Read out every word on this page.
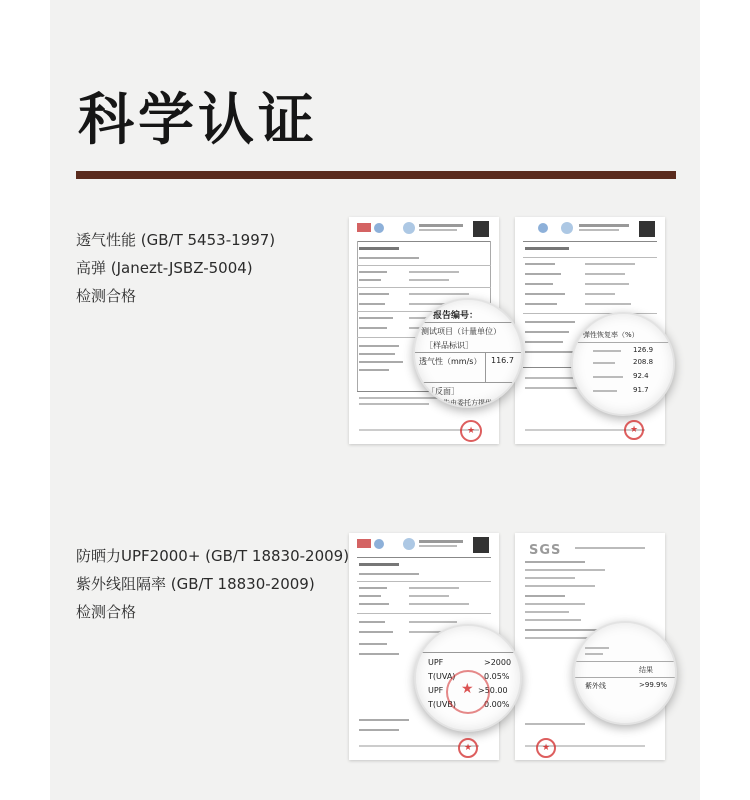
科学认证
透气性能 (GB/T 5453-1997)
高弹 (Janezt-JSBZ-5004)
检测合格
报告编号：
测试项目（计量单位）
［样品标识］
透气性（mm/s） 116.7
［反面］
本报告由委托方提供
★
弹性恢复率（%）
126.9
208.8
92.4
91.7
★
防晒力UPF2000+ (GB/T 18830-2009)
紫外线阻隔率 (GB/T 18830-2009)
检测合格
SGS
UPF	>2000
T(UVA)	0.05%
UPF	>50.00
T(UVB)	0.00%
★
结果
紫外线	>99.9%
★
★
